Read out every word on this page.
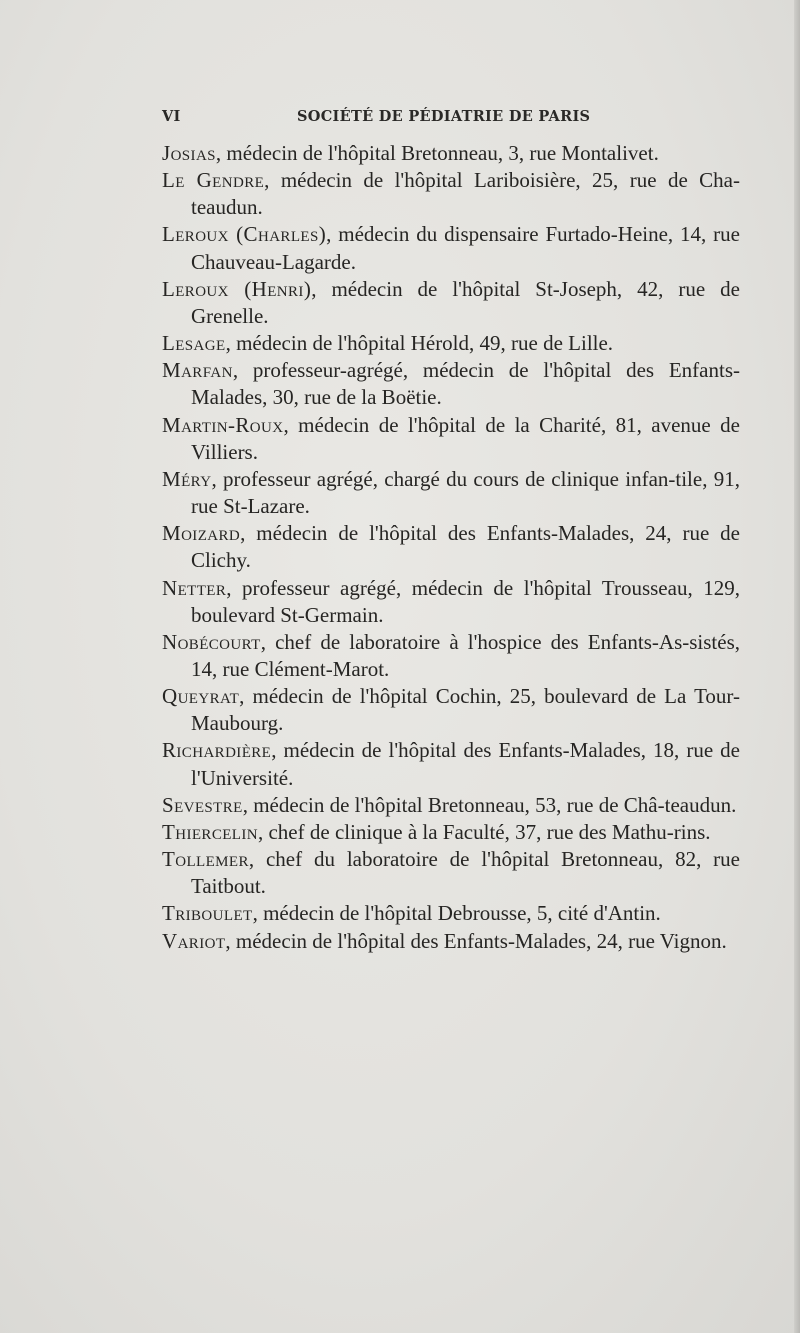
VI	SOCIÉTÉ DE PÉDIATRIE DE PARIS

Josias, médecin de l'hôpital Bretonneau, 3, rue Montalivet.

Le Gendre, médecin de l'hôpital Lariboisière, 25, rue de Cha-teaudun.

Leroux (Charles), médecin du dispensaire Furtado-Heine, 14, rue Chauveau-Lagarde.

Leroux (Henri), médecin de l'hôpital St-Joseph, 42, rue de Grenelle.

Lesage, médecin de l'hôpital Hérold, 49, rue de Lille.

Marfan, professeur-agrégé, médecin de l'hôpital des Enfants-Malades, 30, rue de la Boëtie.

Martin-Roux, médecin de l'hôpital de la Charité, 81, avenue de Villiers.

Méry, professeur agrégé, chargé du cours de clinique infan-tile, 91, rue St-Lazare.

Moizard, médecin de l'hôpital des Enfants-Malades, 24, rue de Clichy.

Netter, professeur agrégé, médecin de l'hôpital Trousseau, 129, boulevard St-Germain.

Nobécourt, chef de laboratoire à l'hospice des Enfants-As-sistés, 14, rue Clément-Marot.

Queyrat, médecin de l'hôpital Cochin, 25, boulevard de La Tour-Maubourg.

Richardière, médecin de l'hôpital des Enfants-Malades, 18, rue de l'Université.

Sevestre, médecin de l'hôpital Bretonneau, 53, rue de Châ-teaudun.

Thiercelin, chef de clinique à la Faculté, 37, rue des Mathu-rins.

Tollemer, chef du laboratoire de l'hôpital Bretonneau, 82, rue Taitbout.

Triboulet, médecin de l'hôpital Debrousse, 5, cité d'Antin.

Variot, médecin de l'hôpital des Enfants-Malades, 24, rue Vignon.
